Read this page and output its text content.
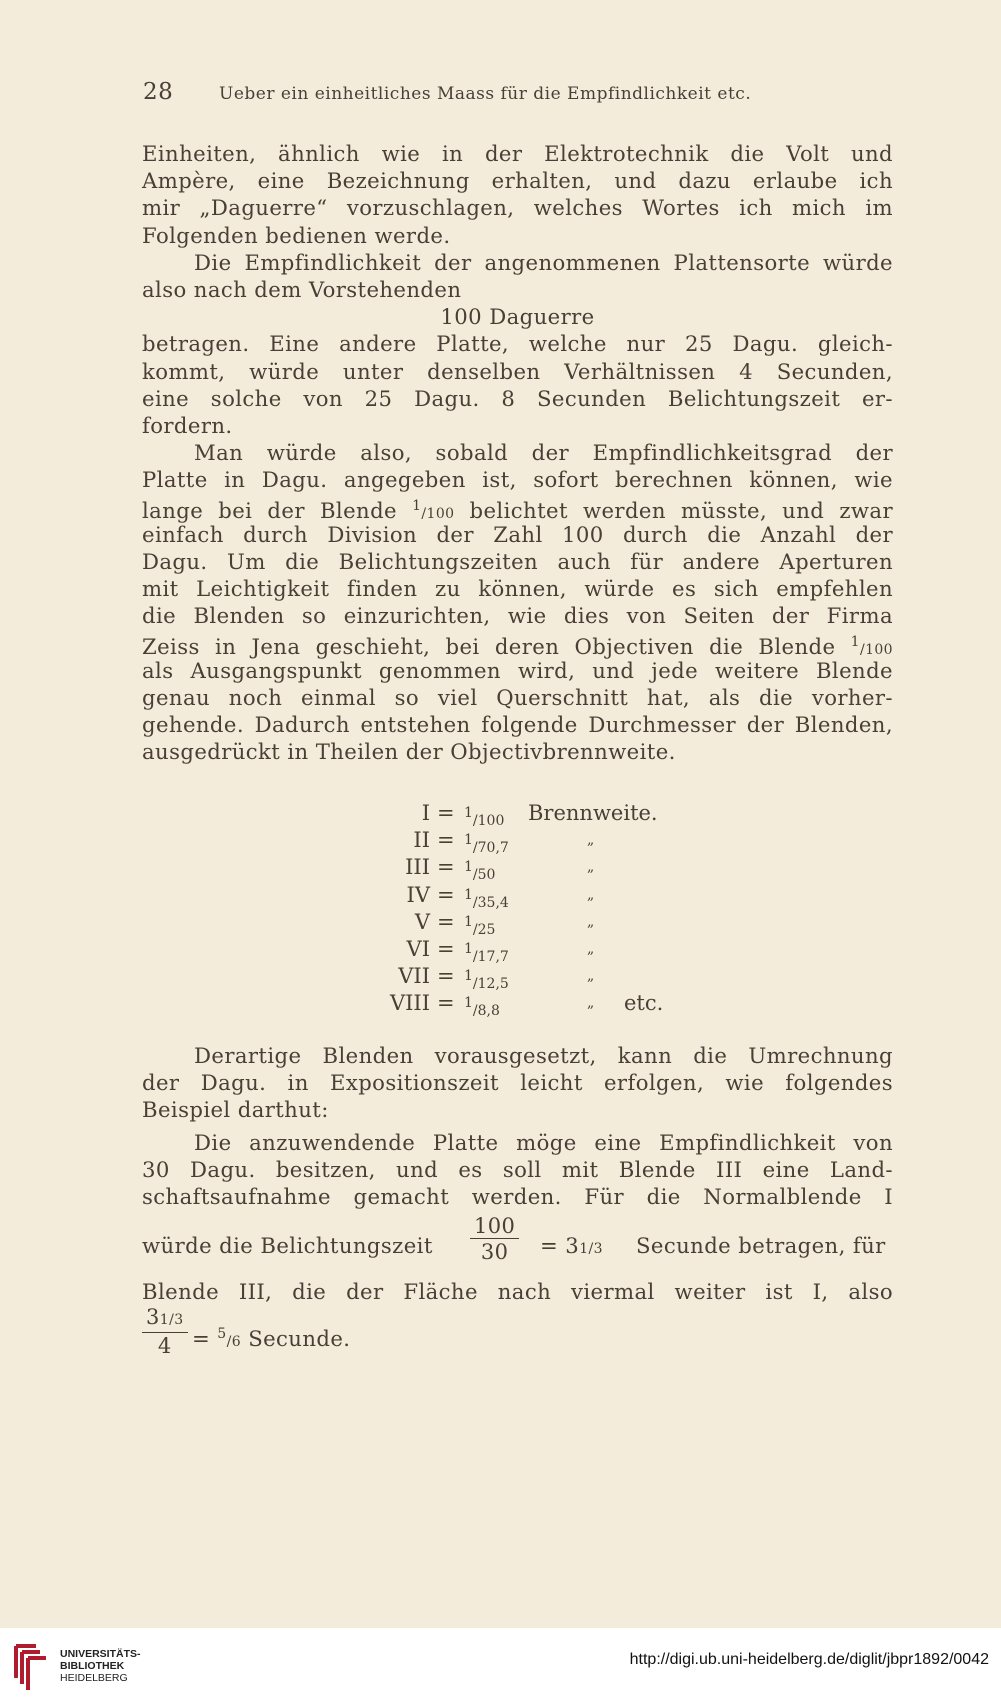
28	Ueber ein einheitliches Maass für die Empfindlichkeit etc.
Einheiten, ähnlich wie in der Elektrotechnik die Volt und
Ampère, eine Bezeichnung erhalten, und dazu erlaube ich
mir „Daguerre“ vorzuschlagen, welches Wortes ich mich im
Folgenden bedienen werde.
Die Empfindlichkeit der angenommenen Plattensorte würde
also nach dem Vorstehenden
100 Daguerre
betragen. Eine andere Platte, welche nur 25 Dagu. gleich-
kommt, würde unter denselben Verhältnissen 4 Secunden,
eine solche von 25 Dagu. 8 Secunden Belichtungszeit er-
fordern.
Man würde also, sobald der Empfindlichkeitsgrad der
Platte in Dagu. angegeben ist, sofort berechnen können, wie
lange bei der Blende $^1$/100 belichtet werden müsste, und zwar
einfach durch Division der Zahl 100 durch die Anzahl der
Dagu. Um die Belichtungszeiten auch für andere Aperturen
mit Leichtigkeit finden zu können, würde es sich empfehlen
die Blenden so einzurichten, wie dies von Seiten der Firma
Zeiss in Jena geschieht, bei deren Objectiven die Blende $^1$/100
als Ausgangspunkt genommen wird, und jede weitere Blende
genau noch einmal so viel Querschnitt hat, als die vorher-
gehende. Dadurch entstehen folgende Durchmesser der Blenden,
ausgedrückt in Theilen der Objectivbrennweite.
I = $^1$/100 Brennweite.
II = $^1$/70,7	„
III = $^1$/50	„
IV = $^1$/35,4	„
V = $^1$/25	„
VI = $^1$/17,7	„
VII = $^1$/12,5	„
VIII = $^1$/8,8	„ etc.
Derartige Blenden vorausgesetzt, kann die Umrechnung
der Dagu. in Expositionszeit leicht erfolgen, wie folgendes
Beispiel darthut:
Die anzuwendende Platte möge eine Empfindlichkeit von
30 Dagu. besitzen, und es soll mit Blende III eine Land-
schaftsaufnahme gemacht werden. Für die Normalblende I
würde die Belichtungszeit $\frac{100}{30} = 31/3$ Secunde betragen, für
Blende III, die der Fläche nach viermal weiter ist I, also
$\frac{31/3}{4} = ^5/6$ Secunde.
UNIVERSITÄTS-
BIBLIOTHEK
HEIDELBERG
http://digi.ub.uni-heidelberg.de/diglit/jbpr1892/0042
